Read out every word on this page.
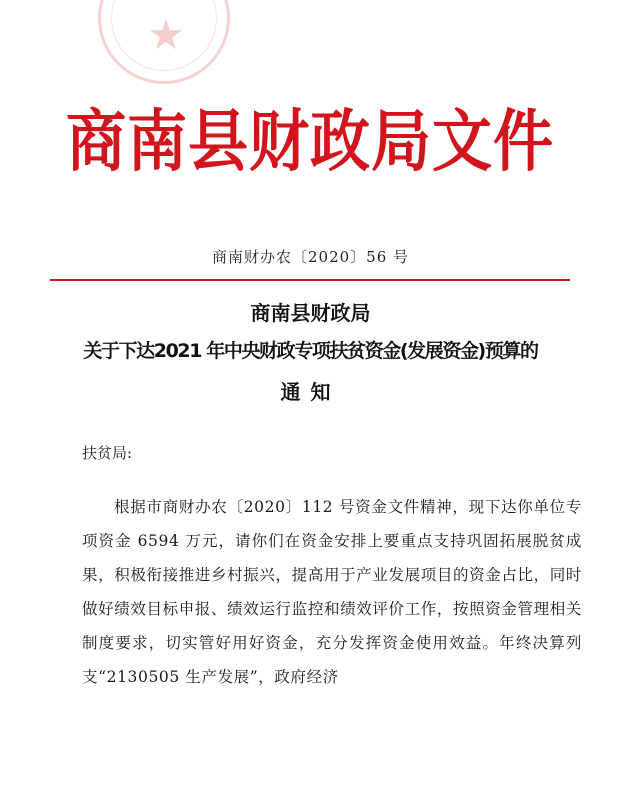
★
商南县财政局文件
商南财办农〔2020〕56 号
商南县财政局
关于下达2021 年中央财政专项扶贫资金(发展资金)预算的
通知
扶贫局:
根据市商财办农〔2020〕112 号资金文件精神，现下达你单位专项资金 6594 万元，请你们在资金安排上要重点支持巩固拓展脱贫成果，积极衔接推进乡村振兴，提高用于产业发展项目的资金占比，同时做好绩效目标申报、绩效运行监控和绩效评价工作，按照资金管理相关制度要求，切实管好用好资金，充分发挥资金使用效益。年终决算列支“2130505 生产发展”，政府经济
